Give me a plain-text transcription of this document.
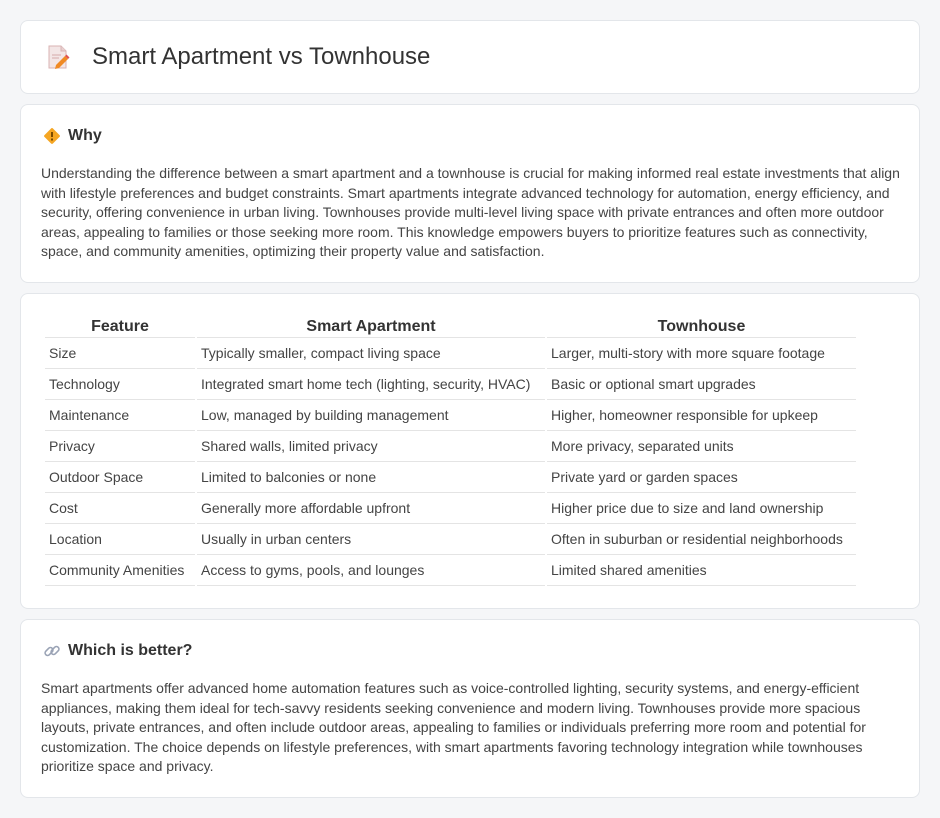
Smart Apartment vs Townhouse
Why

Understanding the difference between a smart apartment and a townhouse is crucial for making informed real estate investments that align with lifestyle preferences and budget constraints. Smart apartments integrate advanced technology for automation, energy efficiency, and security, offering convenience in urban living. Townhouses provide multi-level living space with private entrances and often more outdoor areas, appealing to families or those seeking more room. This knowledge empowers buyers to prioritize features such as connectivity, space, and community amenities, optimizing their property value and satisfaction.

Feature	Smart Apartment	Townhouse
Size	Typically smaller, compact living space	Larger, multi-story with more square footage
Technology	Integrated smart home tech (lighting, security, HVAC)	Basic or optional smart upgrades
Maintenance	Low, managed by building management	Higher, homeowner responsible for upkeep
Privacy	Shared walls, limited privacy	More privacy, separated units
Outdoor Space	Limited to balconies or none	Private yard or garden spaces
Cost	Generally more affordable upfront	Higher price due to size and land ownership
Location	Usually in urban centers	Often in suburban or residential neighborhoods
Community Amenities	Access to gyms, pools, and lounges	Limited shared amenities
Which is better?

Smart apartments offer advanced home automation features such as voice-controlled lighting, security systems, and energy-efficient appliances, making them ideal for tech-savvy residents seeking convenience and modern living. Townhouses provide more spacious layouts, private entrances, and often include outdoor areas, appealing to families or individuals preferring more room and potential for customization. The choice depends on lifestyle preferences, with smart apartments favoring technology integration while townhouses prioritize space and privacy.
